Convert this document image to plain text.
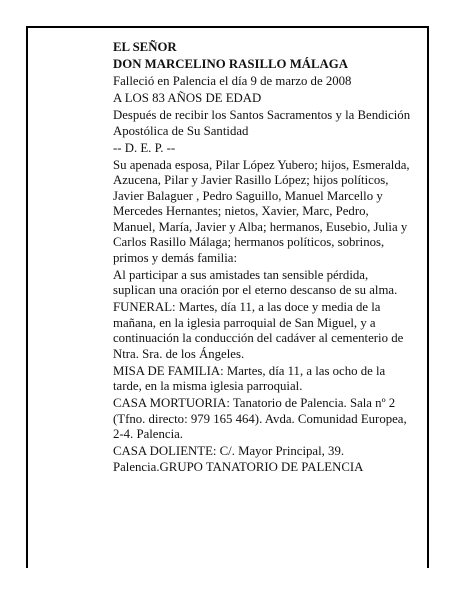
EL SEÑOR

DON MARCELINO RASILLO MÁLAGA

Falleció en Palencia el día 9 de marzo de 2008

A LOS 83 AÑOS DE EDAD

Después de recibir los Santos Sacramentos y la Bendición Apostólica de Su Santidad

-- D. E. P. --

Su apenada esposa, Pilar López Yubero; hijos, Esmeralda, Azucena, Pilar y Javier Rasillo López; hijos políticos, Javier Balaguer , Pedro Saguillo, Manuel Marcello y Mercedes Hernantes; nietos, Xavier, Marc, Pedro, Manuel, María, Javier y Alba; hermanos, Eusebio, Julia y Carlos Rasillo Málaga; hermanos políticos, sobrinos, primos y demás familia:

Al participar a sus amistades tan sensible pérdida, suplican una oración por el eterno descanso de su alma.

FUNERAL: Martes, día 11, a las doce y media de la mañana, en la iglesia parroquial de San Miguel, y a continuación la conducción del cadáver al cementerio de Ntra. Sra. de los Ángeles.

MISA DE FAMILIA: Martes, día 11, a las ocho de la tarde, en la misma iglesia parroquial.

CASA MORTUORIA: Tanatorio de Palencia. Sala nº 2 (Tfno. directo: 979 165 464). Avda. Comunidad Europea, 2-4. Palencia.

CASA DOLIENTE: C/. Mayor Principal, 39. Palencia.GRUPO TANATORIO DE PALENCIA
